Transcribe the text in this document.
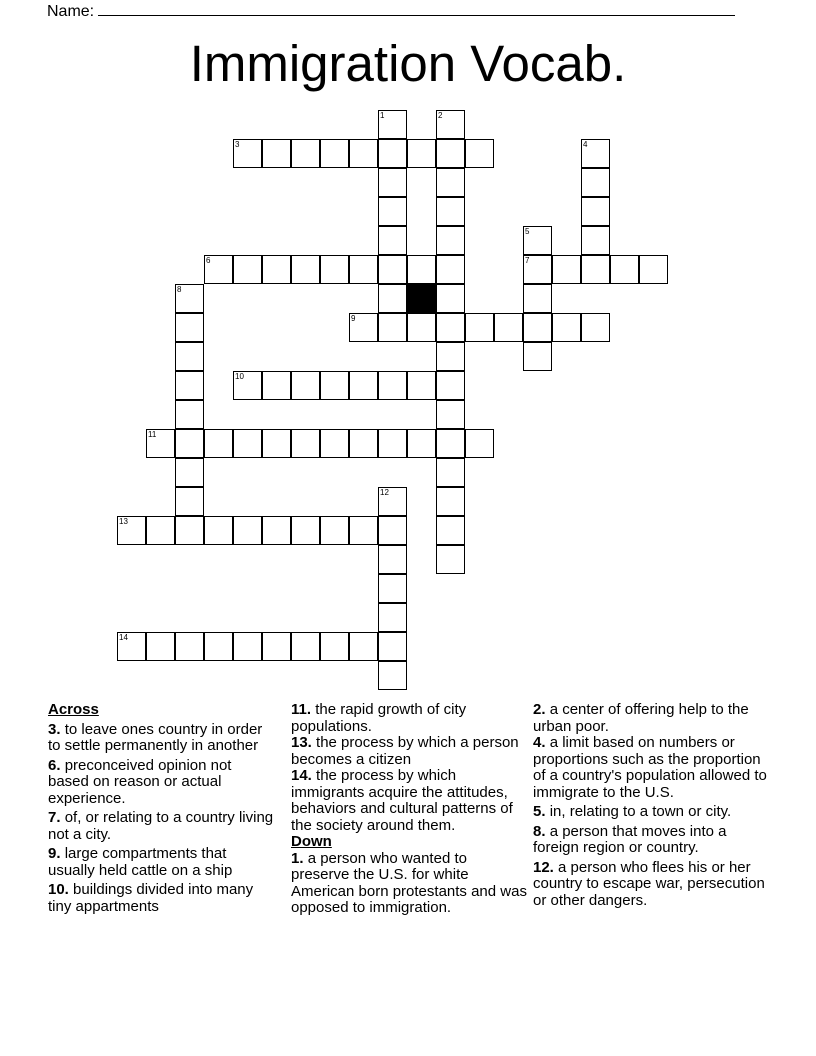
Name:
Immigration Vocab.
1	2
3	4
5
6	7
8
9
10
11
12
13
14
Across
3. to leave ones country in order to settle permanently in another
6. preconceived opinion not based on reason or actual experience.
7. of, or relating to a country living not a city.
9. large compartments that usually held cattle on a ship
10. buildings divided into many tiny appartments
11. the rapid growth of city populations.
13. the process by which a person becomes a citizen
14. the process by which immigrants acquire the attitudes, behaviors and cultural patterns of the society around them.
Down
1. a person who wanted to preserve the U.S. for white American born protestants and was opposed to immigration.
2. a center of offering help to the urban poor.
4. a limit based on numbers or proportions such as the proportion of a country's population allowed to immigrate to the U.S.
5. in, relating to a town or city.
8. a person that moves into a foreign region or country.
12. a person who flees his or her country to escape war, persecution or other dangers.
